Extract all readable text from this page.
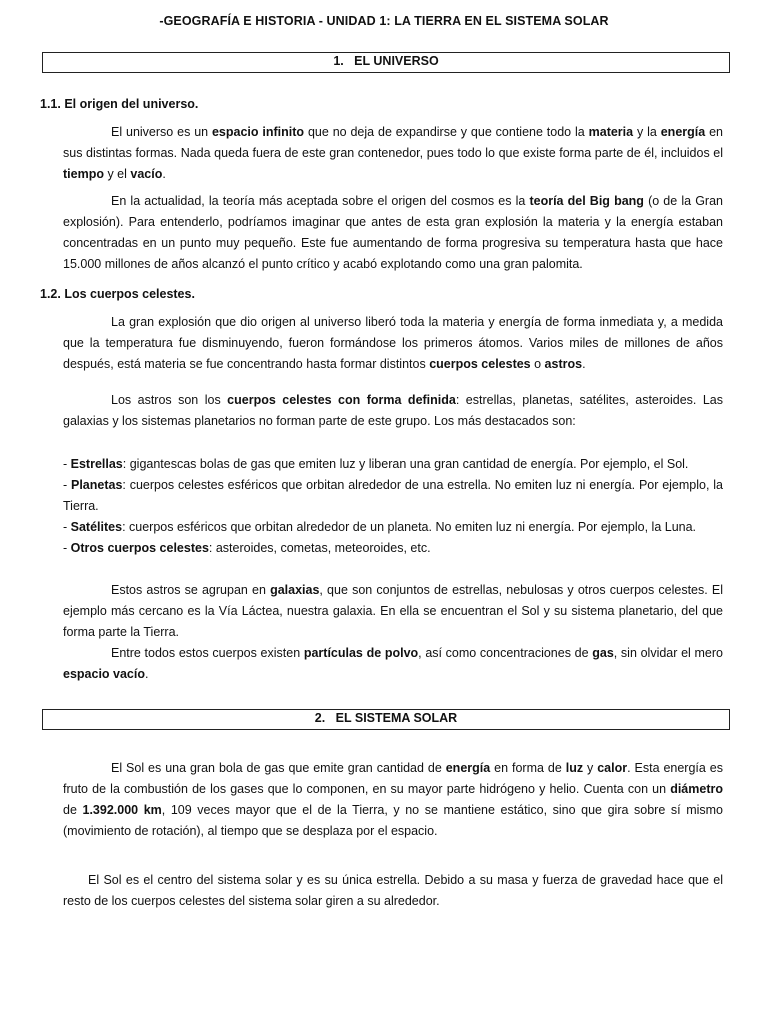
-GEOGRAFÍA E HISTORIA - UNIDAD 1: LA TIERRA EN EL SISTEMA SOLAR
1. EL UNIVERSO
1.1. El origen del universo.

El universo es un espacio infinito que no deja de expandirse y que contiene todo la materia y la energía en sus distintas formas. Nada queda fuera de este gran contenedor, pues todo lo que existe forma parte de él, incluidos el tiempo y el vacío.

En la actualidad, la teoría más aceptada sobre el origen del cosmos es la teoría del Big bang (o de la Gran explosión). Para entenderlo, podríamos imaginar que antes de esta gran explosión la materia y la energía estaban concentradas en un punto muy pequeño. Este fue aumentando de forma progresiva su temperatura hasta que hace 15.000 millones de años alcanzó el punto crítico y acabó explotando como una gran palomita.

1.2. Los cuerpos celestes.

La gran explosión que dio origen al universo liberó toda la materia y energía de forma inmediata y, a medida que la temperatura fue disminuyendo, fueron formándose los primeros átomos. Varios miles de millones de años después, está materia se fue concentrando hasta formar distintos cuerpos celestes o astros.

Los astros son los cuerpos celestes con forma definida: estrellas, planetas, satélites, asteroides. Las galaxias y los sistemas planetarios no forman parte de este grupo. Los más destacados son:

- Estrellas: gigantescas bolas de gas que emiten luz y liberan una gran cantidad de energía. Por ejemplo, el Sol.
- Planetas: cuerpos celestes esféricos que orbitan alrededor de una estrella. No emiten luz ni energía. Por ejemplo, la Tierra.
- Satélites: cuerpos esféricos que orbitan alrededor de un planeta. No emiten luz ni energía. Por ejemplo, la Luna.
- Otros cuerpos celestes: asteroides, cometas, meteoroides, etc.

Estos astros se agrupan en galaxias, que son conjuntos de estrellas, nebulosas y otros cuerpos celestes. El ejemplo más cercano es la Vía Láctea, nuestra galaxia. En ella se encuentran el Sol y su sistema planetario, del que forma parte la Tierra.

Entre todos estos cuerpos existen partículas de polvo, así como concentraciones de gas, sin olvidar el mero espacio vacío.

2. EL SISTEMA SOLAR

El Sol es una gran bola de gas que emite gran cantidad de energía en forma de luz y calor. Esta energía es fruto de la combustión de los gases que lo componen, en su mayor parte hidrógeno y helio. Cuenta con un diámetro de 1.392.000 km, 109 veces mayor que el de la Tierra, y no se mantiene estático, sino que gira sobre sí mismo (movimiento de rotación), al tiempo que se desplaza por el espacio.

El Sol es el centro del sistema solar y es su única estrella. Debido a su masa y fuerza de gravedad hace que el resto de los cuerpos celestes del sistema solar giren a su alrededor.
